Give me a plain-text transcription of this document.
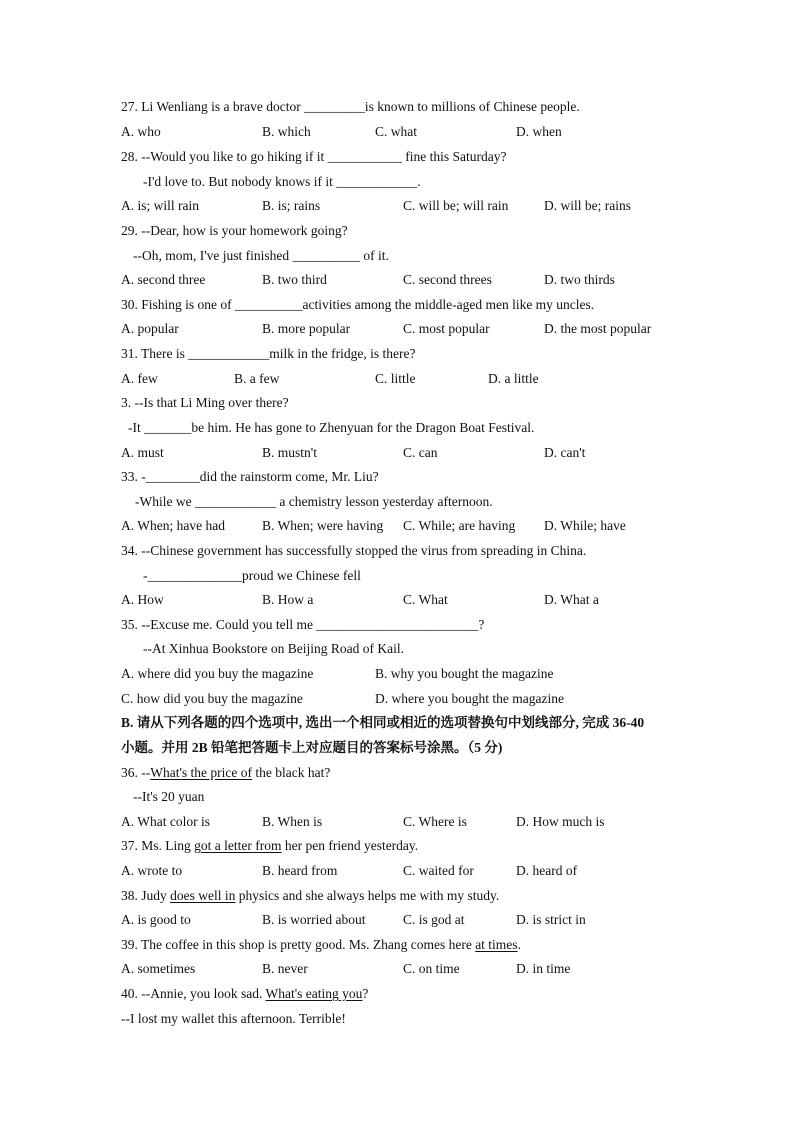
27. Li Wenliang is a brave doctor _________is known to millions of Chinese people.
A. who	B. which	C. what	D. when
28. --Would you like to go hiking if it ___________ fine this Saturday?
-I'd love to. But nobody knows if it ____________.
A. is; will rain	B. is; rains	C. will be; will rain	D. will be; rains
29. --Dear, how is your homework going?
--Oh, mom, I've just finished __________ of it.
A. second three	B. two third	C. second threes	D. two thirds
30. Fishing is one of __________activities among the middle-aged men like my uncles.
A. popular	B. more popular	C. most popular	D. the most popular
31. There is ____________milk in the fridge, is there?
A. few	B. a few	C. little	D. a little
3. --Is that Li Ming over there?
-It _______be him. He has gone to Zhenyuan for the Dragon Boat Festival.
A. must	B. mustn't	C. can	D. can't
33. -________did the rainstorm come, Mr. Liu?
-While we ____________ a chemistry lesson yesterday afternoon.
A. When; have had	B. When; were having C. While; are having D. While; have
34. --Chinese government has successfully stopped the virus from spreading in China.
-______________proud we Chinese fell
A. How	B. How a	C. What	D. What a
35. --Excuse me. Could you tell me ________________________?
--At Xinhua Bookstore on Beijing Road of Kail.
A. where did you buy the magazine	B. why you bought the magazine
C. how did you buy the magazine	D. where you bought the magazine
B. 请从下列各题的四个选项中, 选出一个相同或相近的选项替换句中划线部分, 完成 36-40
小题。并用 2B 铅笔把答题卡上对应题目的答案标号涂黑。（5 分)
36. --What's the price of the black hat?
--It's 20 yuan
A. What color is	B. When is	C. Where is	D. How much is
37. Ms. Ling got a letter from her pen friend yesterday.
A. wrote to	B. heard from	C. waited for	D. heard of
38. Judy does well in physics and she always helps me with my study.
A. is good to	B. is worried about	C. is god at	D. is strict in
39. The coffee in this shop is pretty good. Ms. Zhang comes here at times.
A. sometimes	B. never	C. on time	D. in time
40. --Annie, you look sad. What's eating you?
--I lost my wallet this afternoon. Terrible!
